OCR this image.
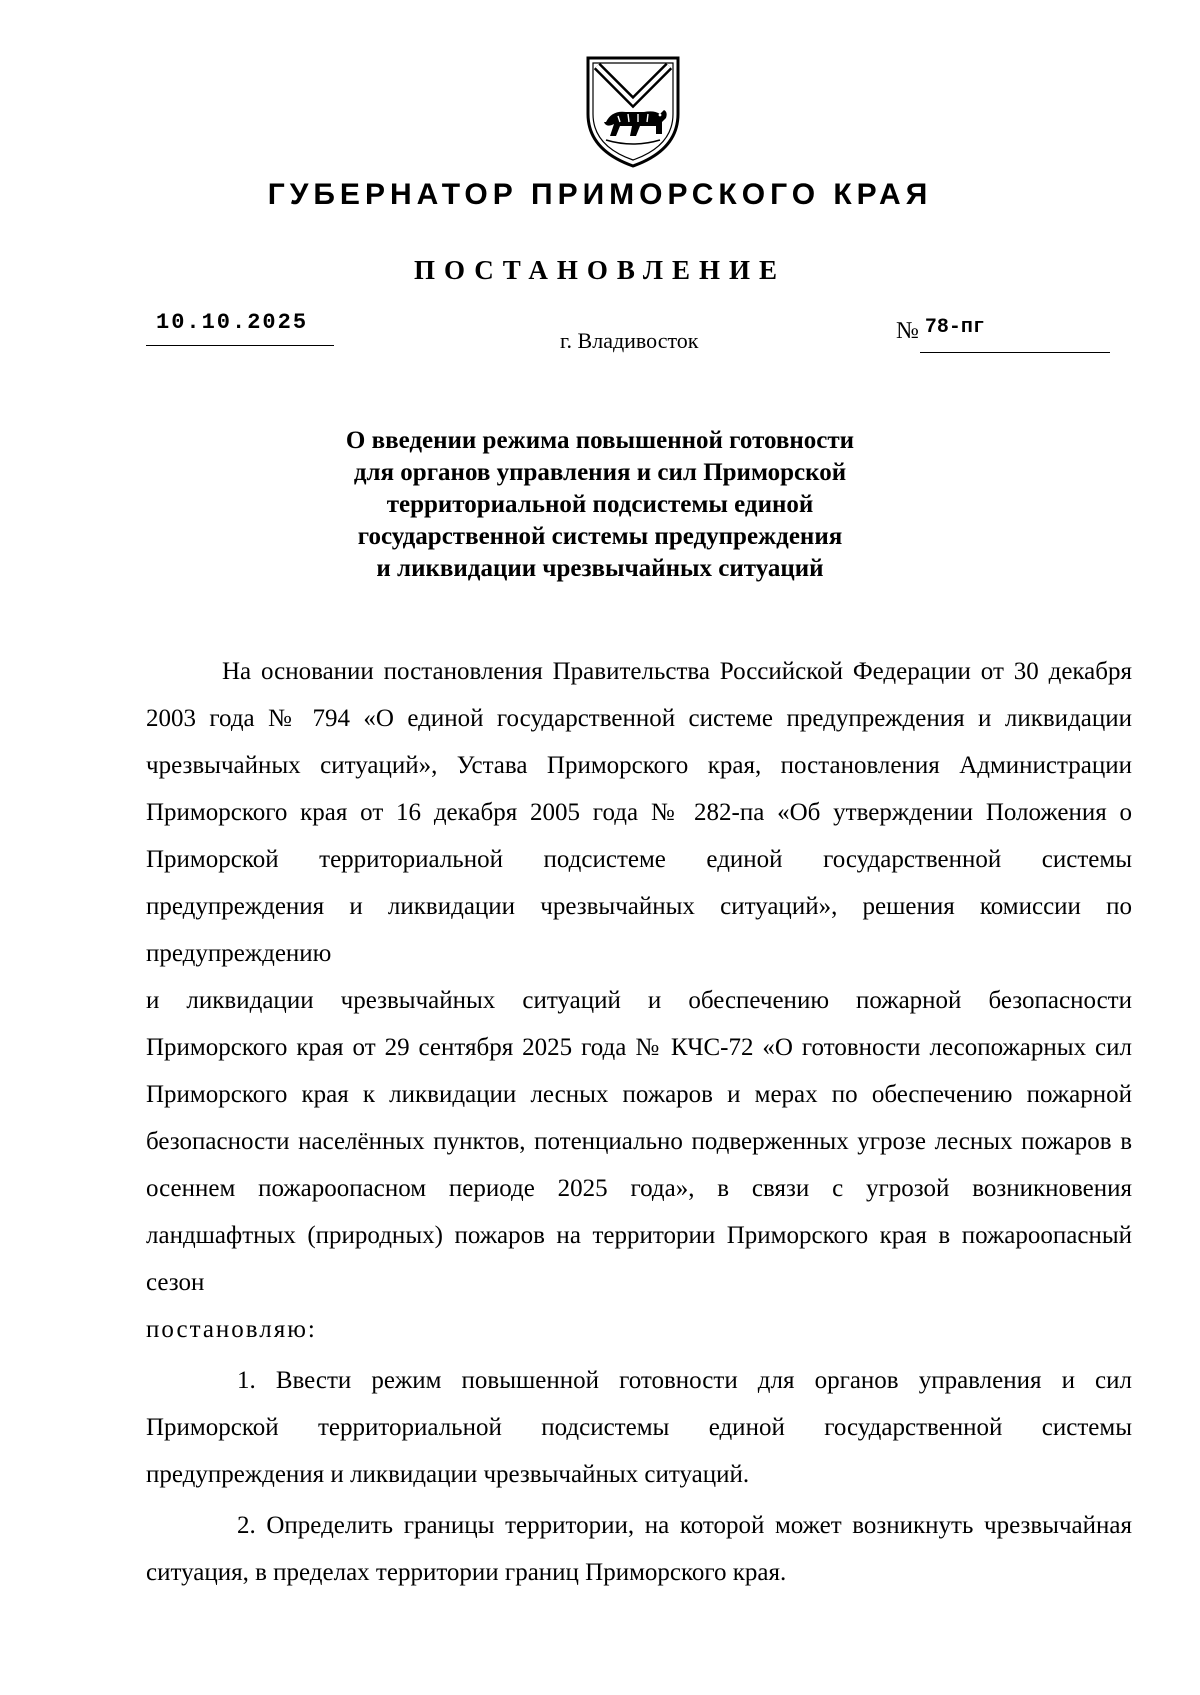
ГУБЕРНАТОР ПРИМОРСКОГО КРАЯ
ПОСТАНОВЛЕНИЕ
10.10.2025
г. Владивосток	№ 78-пг
О введении режима повышенной готовности
для органов управления и сил Приморской
территориальной подсистемы единой
государственной системы предупреждения
и ликвидации чрезвычайных ситуаций

На основании постановления Правительства Российской Федерации от 30 декабря 2003 года № 794 «О единой государственной системе предупреждения и ликвидации чрезвычайных ситуаций», Устава Приморского края, постановления Администрации Приморского края от 16 декабря 2005 года № 282-па «Об утверждении Положения о Приморской территориальной подсистеме единой государственной системы предупреждения и ликвидации чрезвычайных ситуаций», решения комиссии по предупреждению

и ликвидации чрезвычайных ситуаций и обеспечению пожарной безопасности Приморского края от 29 сентября 2025 года № КЧС-72 «О готовности лесопожарных сил Приморского края к ликвидации лесных пожаров и мерах по обеспечению пожарной безопасности населённых пунктов, потенциально подверженных угрозе лесных пожаров в осеннем пожароопасном периоде 2025 года», в связи с угрозой возникновения ландшафтных (природных) пожаров на территории Приморского края в пожароопасный сезон

постановляю:

1. Ввести режим повышенной готовности для органов управления и сил Приморской территориальной подсистемы единой государственной системы предупреждения и ликвидации чрезвычайных ситуаций.

2. Определить границы территории, на которой может возникнуть чрезвычайная ситуация, в пределах территории границ Приморского края.
